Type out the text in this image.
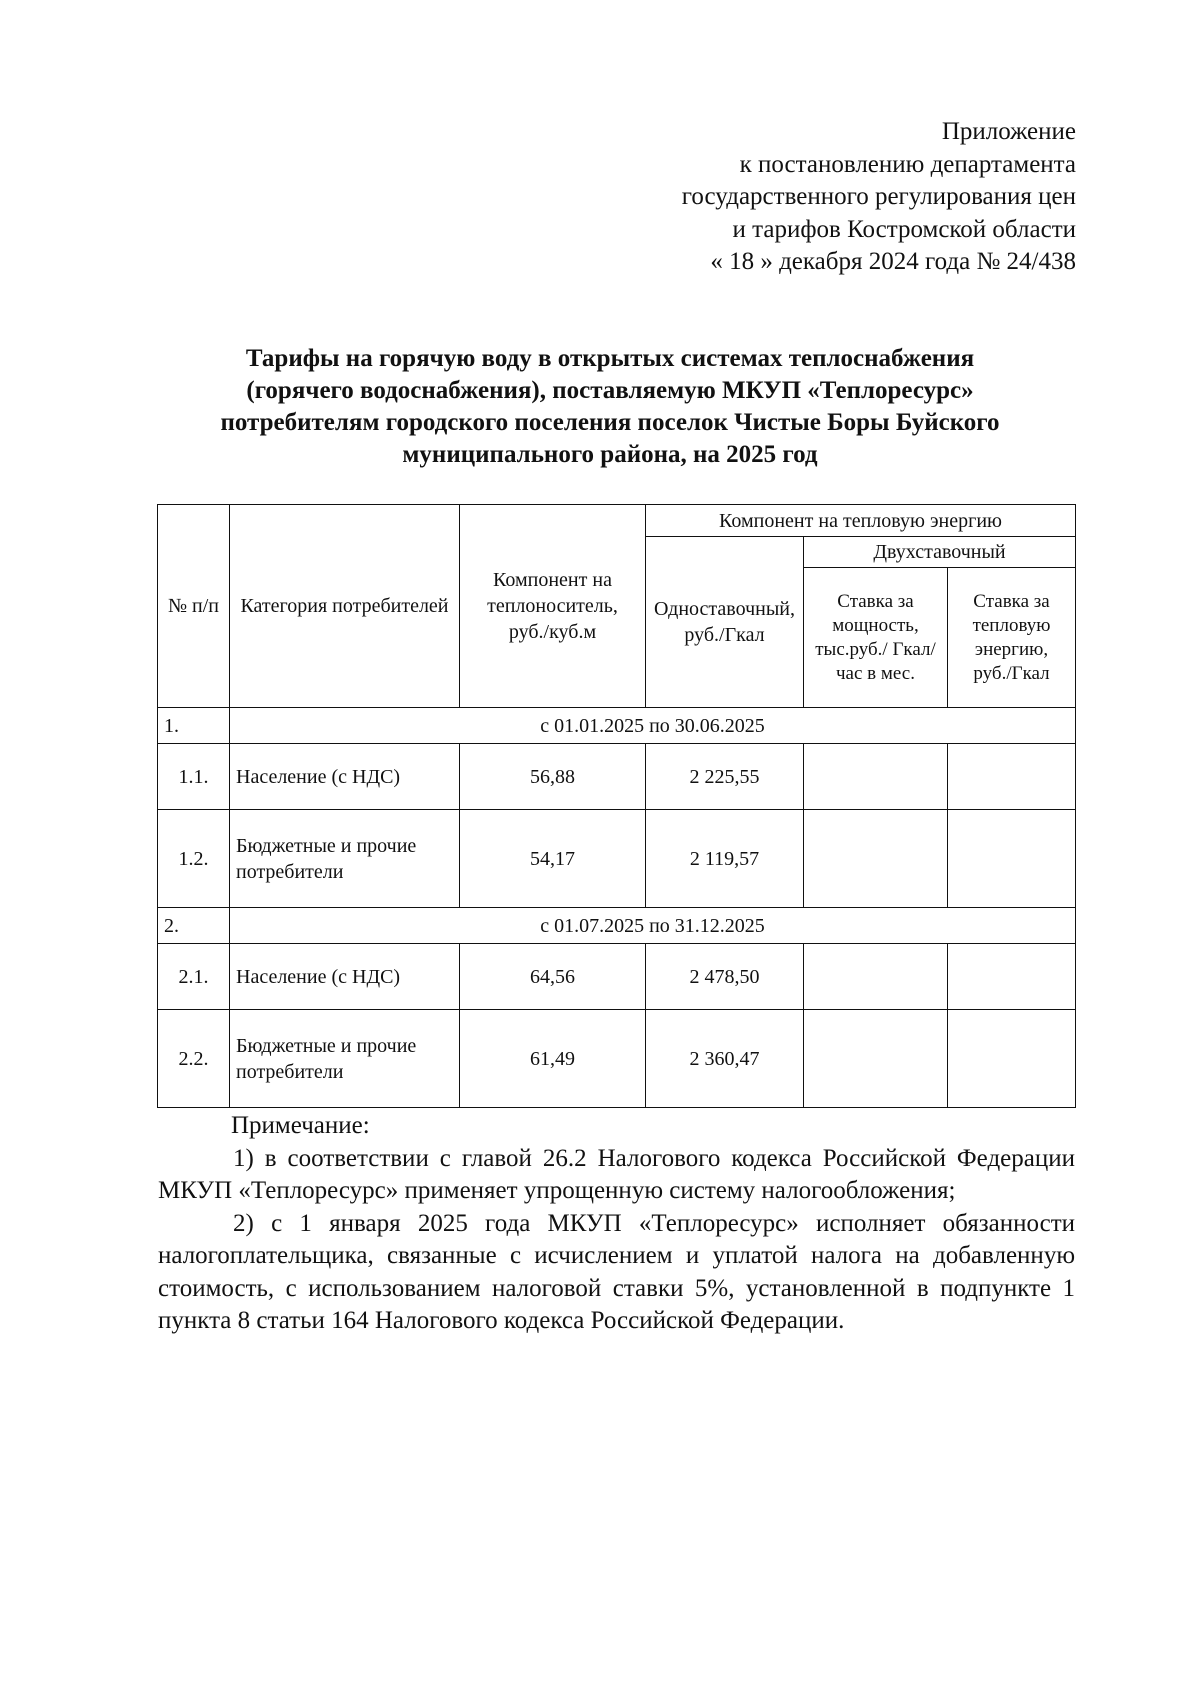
Приложение
к постановлению департамента
государственного регулирования цен
и тарифов Костромской области
« 18 » декабря 2024 года № 24/438
Тарифы на горячую воду в открытых системах теплоснабжения
(горячего водоснабжения), поставляемую МКУП «Теплоресурс»
потребителям городского поселения поселок Чистые Боры Буйского
муниципального района, на 2025 год
№ п/п	Категория потребителей	Компонент на теплоноситель, руб./куб.м	Компонент на тепловую энергию		
			Одноставочный, руб./Гкал	Двухставочный	
				Ставка за мощность, тыс.руб./ Гкал/час в мес.	Ставка за тепловую энергию, руб./Гкал
1.	с 01.01.2025 по 30.06.2025				
1.1.	Население (с НДС)	56,88	2 225,55		
1.2.	Бюджетные и прочие потребители	54,17	2 119,57		
2.	с 01.07.2025 по 31.12.2025				
2.1.	Население (с НДС)	64,56	2 478,50		
2.2.	Бюджетные и прочие потребители	61,49	2 360,47		

Примечание:

1) в соответствии с главой 26.2 Налогового кодекса Российской Федерации МКУП «Теплоресурс» применяет упрощенную систему налогообложения;

2) с 1 января 2025 года МКУП «Теплоресурс» исполняет обязанности налогоплательщика, связанные с исчислением и уплатой налога на добавленную стоимость, с использованием налоговой ставки 5%, установленной в подпункте 1 пункта 8 статьи 164 Налогового кодекса Российской Федерации.
